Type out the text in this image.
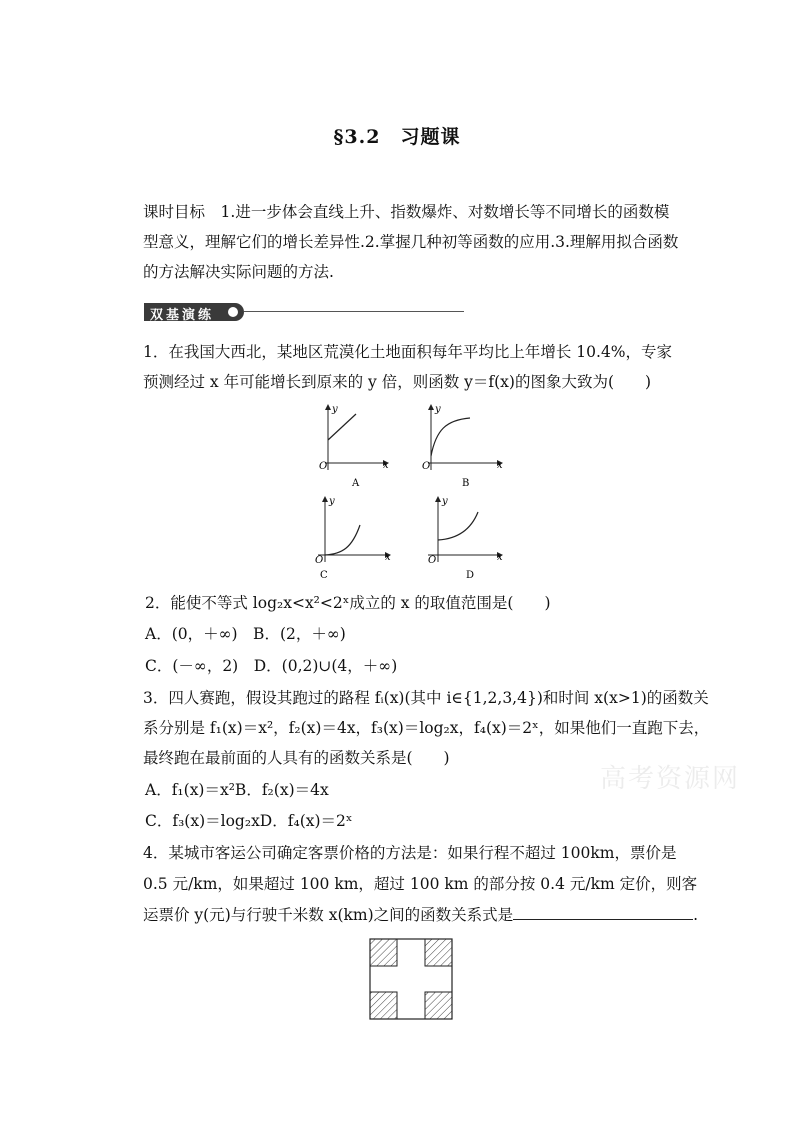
§3.2　习题课
课时目标　 1.进一步体会直线上升、指数爆炸、对数增长等不同增长的函数模
型意义，理解它们的增长差异性.2.掌握几种初等函数的应用.3.理解用拟合函数
的方法解决实际问题的方法.
双基演练
1．在我国大西北，某地区荒漠化土地面积每年平均比上年增长 10.4%，专家
预测经过 x 年可能增长到原来的 y 倍，则函数 y＝f(x)的图象大致为(　　)
O	x
y
A
O	x
y
B
O	x
y
C
O	x
y
D
2．能使不等式 log₂x<x²<2ˣ成立的 x 的取值范围是(　　)
A．(0，＋∞)　B．(2，＋∞)
C．(－∞，2)　D．(0,2)∪(4，＋∞)
3．四人赛跑，假设其跑过的路程 fᵢ(x)(其中 i∈{1,2,3,4})和时间 x(x>1)的函数关
系分别是 f₁(x)＝x²，f₂(x)＝4x，f₃(x)＝log₂x，f₄(x)＝2ˣ，如果他们一直跑下去，
最终跑在最前面的人具有的函数关系是(　　)
A．f₁(x)＝x²B．f₂(x)＝4x
C．f₃(x)＝log₂xD．f₄(x)＝2ˣ
4．某城市客运公司确定客票价格的方法是：如果行程不超过 100km，票价是
0.5 元/km，如果超过 100 km，超过 100 km 的部分按 0.4 元/km 定价，则客
运票价 y(元)与行驶千米数 x(km)之间的函数关系式是	.
高考资源网
